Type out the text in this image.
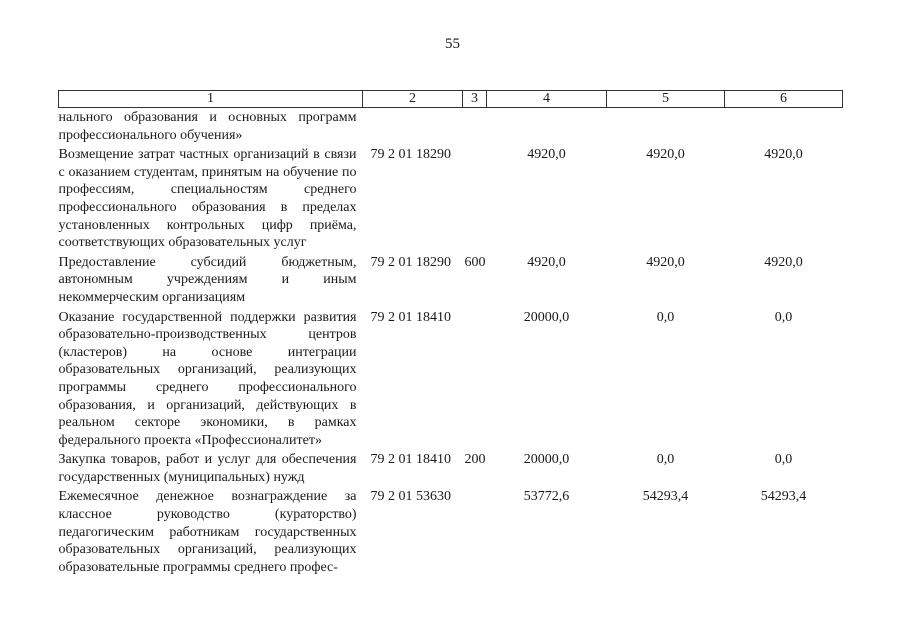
55
1	2	3	4	5	6
нального образования и основных программ профессионального обучения»					
Возмещение затрат частных организаций в связи с оказанием студентам, принятым на обучение по профессиям, специальностям среднего профессионального образования в пределах установленных контрольных цифр приёма, соответствующих образовательных услуг	79 2 01 18290		4920,0	4920,0	4920,0
Предоставление субсидий бюджетным, автономным учреждениям и иным некоммерческим организациям	79 2 01 18290	600	4920,0	4920,0	4920,0
Оказание государственной поддержки развития образовательно-производственных центров (кластеров) на основе интеграции образовательных организаций, реализующих программы среднего профессионального образования, и организаций, действующих в реальном секторе экономики, в рамках федерального проекта «Профессионалитет»	79 2 01 18410		20000,0	0,0	0,0
Закупка товаров, работ и услуг для обеспечения государственных (муниципальных) нужд	79 2 01 18410	200	20000,0	0,0	0,0
Ежемесячное денежное вознаграждение за классное руководство (кураторство) педагогическим работникам государственных образовательных организаций, реализующих образовательные программы среднего профес-	79 2 01 53630		53772,6	54293,4	54293,4
